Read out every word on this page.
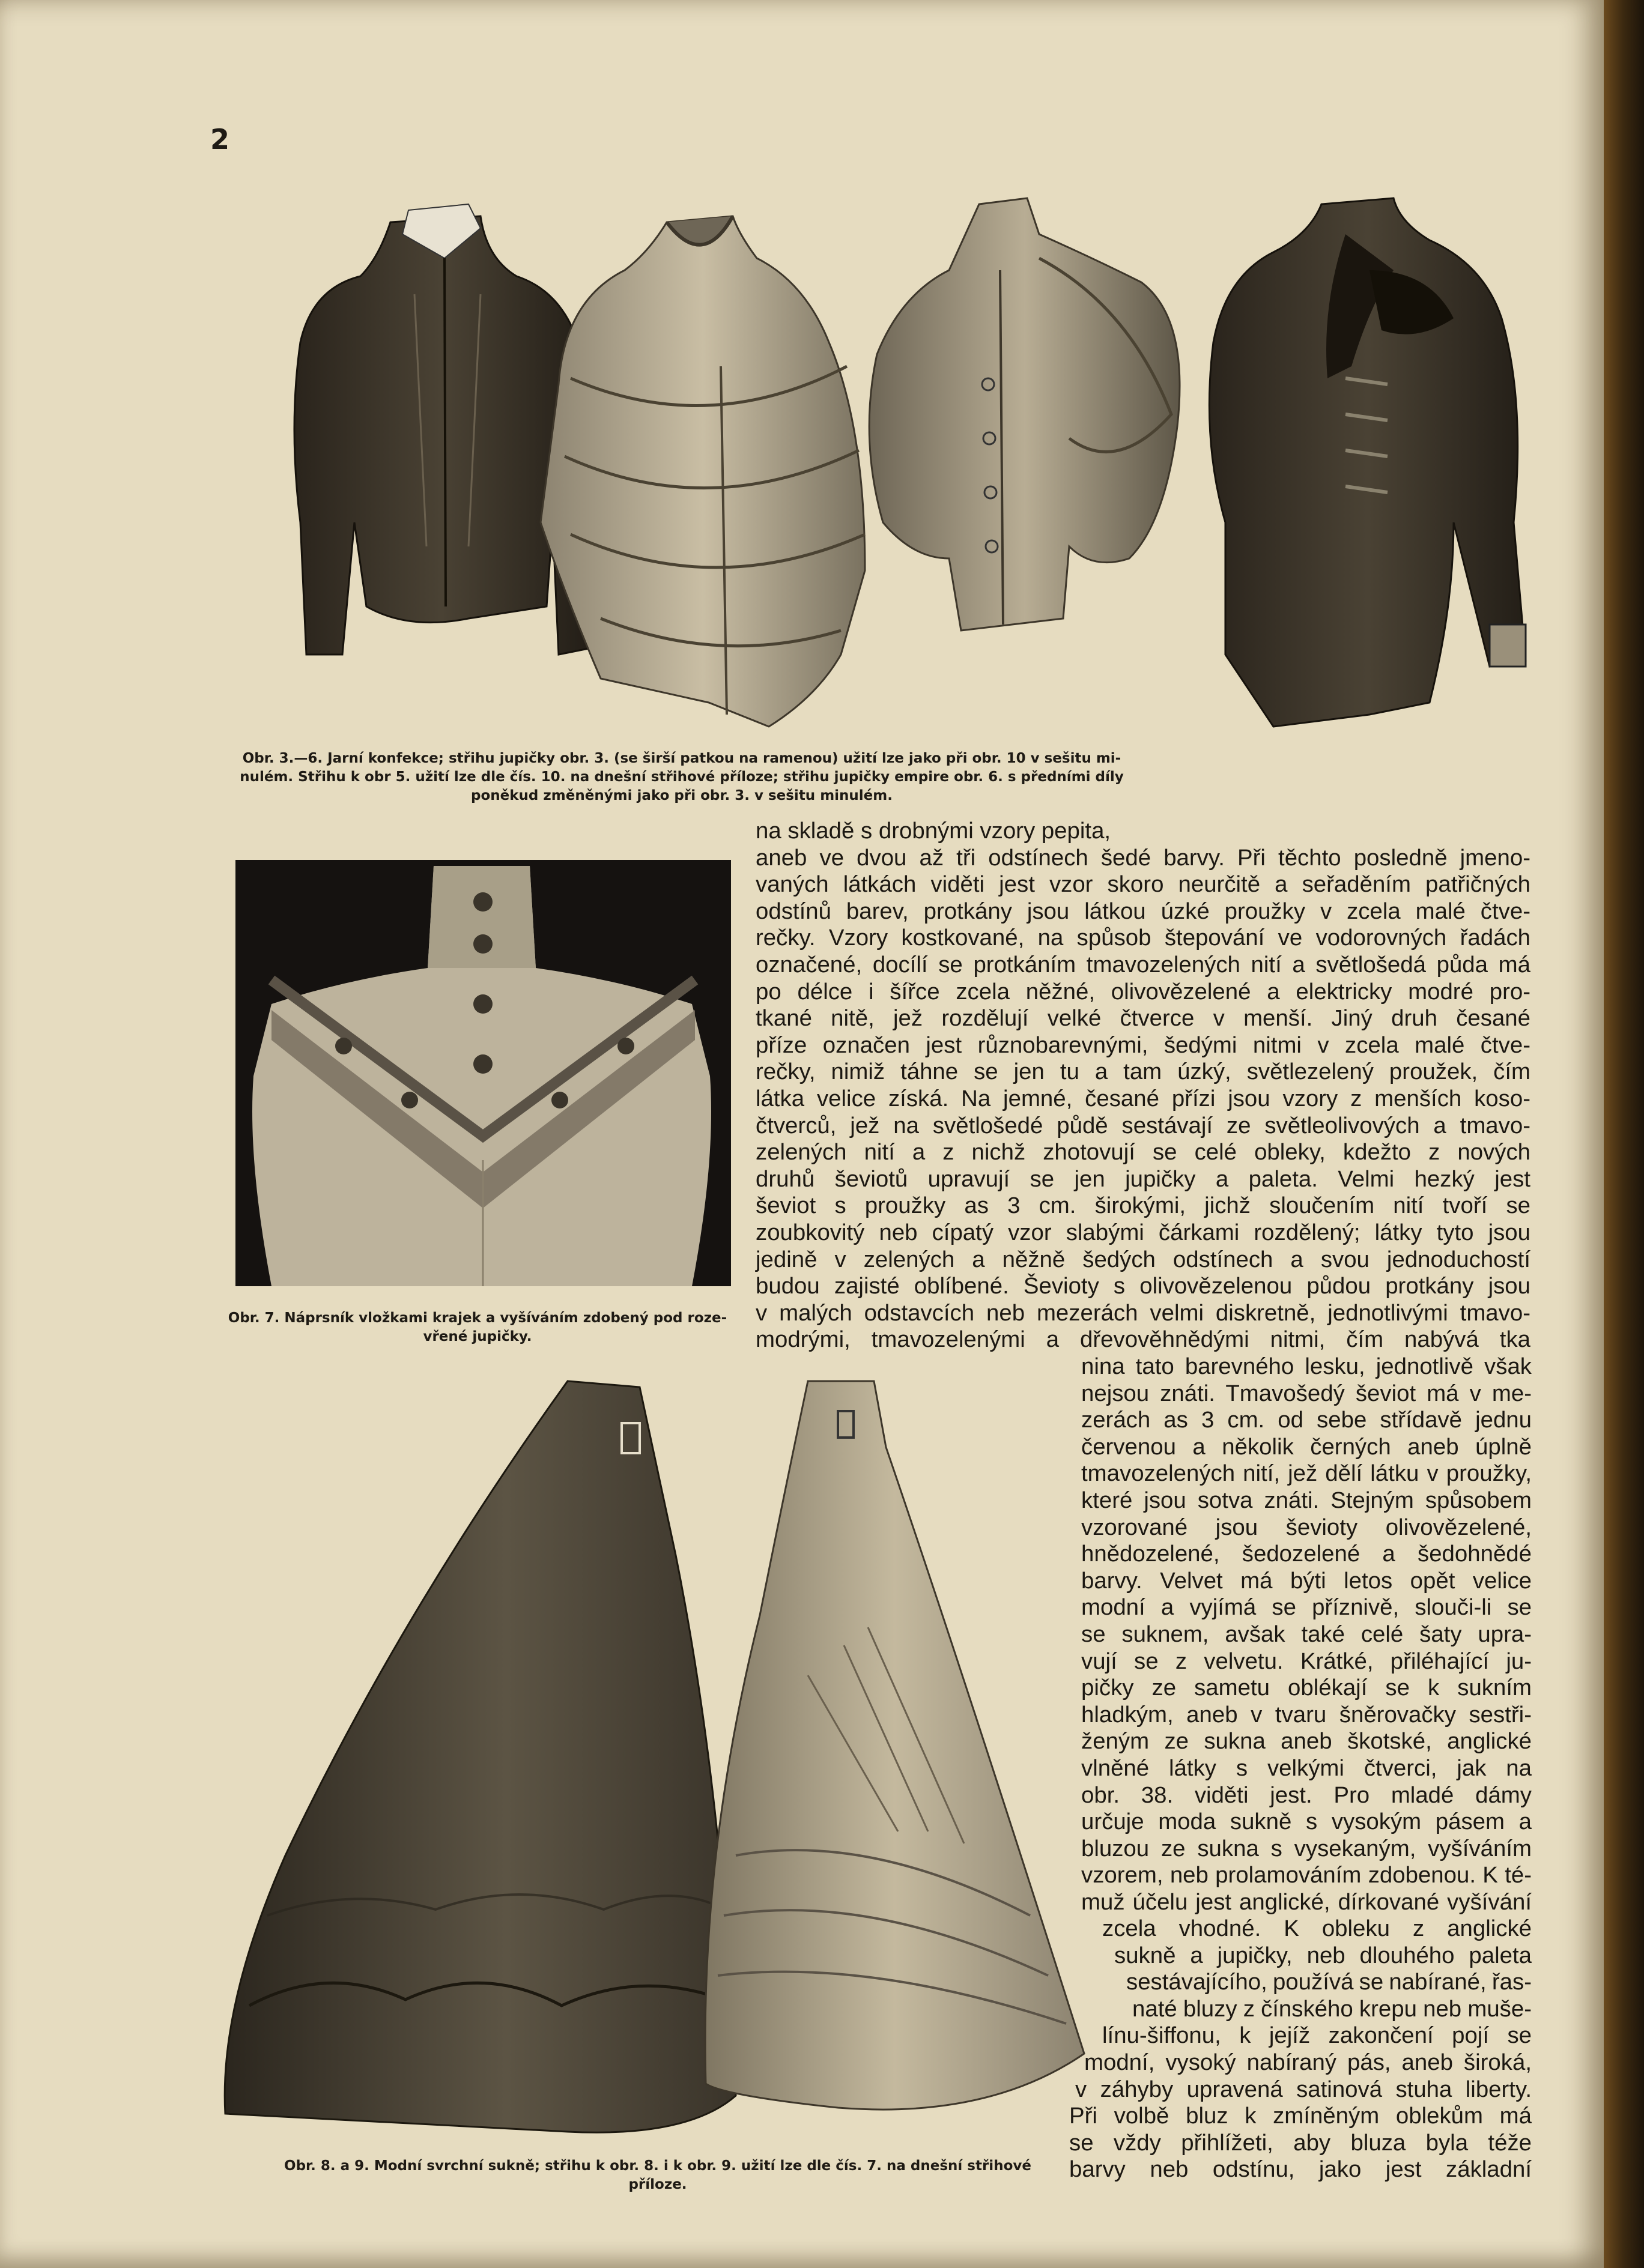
2
Obr. 3.—6. Jarní konfekce; střihu jupičky obr. 3. (se širší patkou na ramenou) užití lze jako při obr. 10 v sešitu mi-
nulém. Střihu k obr 5. užití lze dle čís. 10. na dnešní střihové příloze; střihu jupičky empire obr. 6. s předními díly
poněkud změněnými jako při obr. 3. v sešitu minulém.
Obr. 7. Náprsník vložkami krajek a vyšíváním zdobený pod roze-
vřené jupičky.
Obr. 8. a 9. Modní svrchní sukně; střihu k obr. 8. i k obr. 9. užití lze dle čís. 7. na dnešní střihové
příloze.
na skladě s drobnými vzory pepita,
aneb ve dvou až tři odstínech šedé barvy. Při těchto posledně jmeno-
vaných látkách viděti jest vzor skoro neurčitě a seřaděním patřičných
odstínů barev, protkány jsou látkou úzké proužky v zcela malé čtve-
rečky. Vzory kostkované, na spůsob štepování ve vodorovných řadách
označené, docílí se protkáním tmavozelených nití a světlošedá půda má
po délce i šířce zcela něžné, olivovězelené a elektricky modré pro-
tkané nitě, jež rozdělují velké čtverce v menší. Jiný druh česané
příze označen jest různobarevnými, šedými nitmi v zcela malé čtve-
rečky, nimiž táhne se jen tu a tam úzký, světlezelený proužek, čím
látka velice získá. Na jemné, česané přízi jsou vzory z menších koso-
čtverců, jež na světlošedé půdě sestávají ze světleolivových a tmavo-
zelených nití a z nichž zhotovují se celé obleky, kdežto z nových
druhů ševiotů upravují se jen jupičky a paleta. Velmi hezký jest
ševiot s proužky as 3 cm. širokými, jichž sloučením nití tvoří se
zoubkovitý neb cípatý vzor slabými čárkami rozdělený; látky tyto jsou
jedině v zelených a něžně šedých odstínech a svou jednoduchostí
budou zajisté oblíbené. Ševioty s olivovězelenou půdou protkány jsou
v malých odstavcích neb mezerách velmi diskretně, jednotlivými tmavo-
modrými, tmavozelenými a dřevověhnědými nitmi, čím nabývá tka
nina tato barevného lesku, jednotlivě však
nejsou znáti. Tmavošedý ševiot má v me-
zerách as 3 cm. od sebe střídavě jednu
červenou a několik černých aneb úplně
tmavozelených nití, jež dělí látku v proužky,
které jsou sotva znáti. Stejným spůsobem
vzorované jsou ševioty olivovězelené,
hnědozelené, šedozelené a šedohnědé
barvy. Velvet má býti letos opět velice
modní a vyjímá se příznivě, slouči-li se
se suknem, avšak také celé šaty upra-
vují se z velvetu. Krátké, přiléhající ju-
pičky ze sametu oblékají se k sukním
hladkým, aneb v tvaru šněrovačky sestři-
ženým ze sukna aneb škotské, anglické
vlněné látky s velkými čtverci, jak na
obr. 38. viděti jest. Pro mladé dámy
určuje moda sukně s vysokým pásem a
bluzou ze sukna s vysekaným, vyšíváním
vzorem, neb prolamováním zdobenou. K té-
muž účelu jest anglické, dírkované vyšívání
zcela vhodné. K obleku z anglické
sukně a jupičky, neb dlouhého paleta
sestávajícího, používá se nabírané, řas-
naté bluzy z čínského krepu neb muše-
línu-šiffonu, k jejíž zakončení pojí se
modní, vysoký nabíraný pás, aneb široká,
v záhyby upravená satinová stuha liberty.
Při volbě bluz k zmíněným oblekům má
se vždy přihlížeti, aby bluza byla téže
barvy neb odstínu, jako jest základní
